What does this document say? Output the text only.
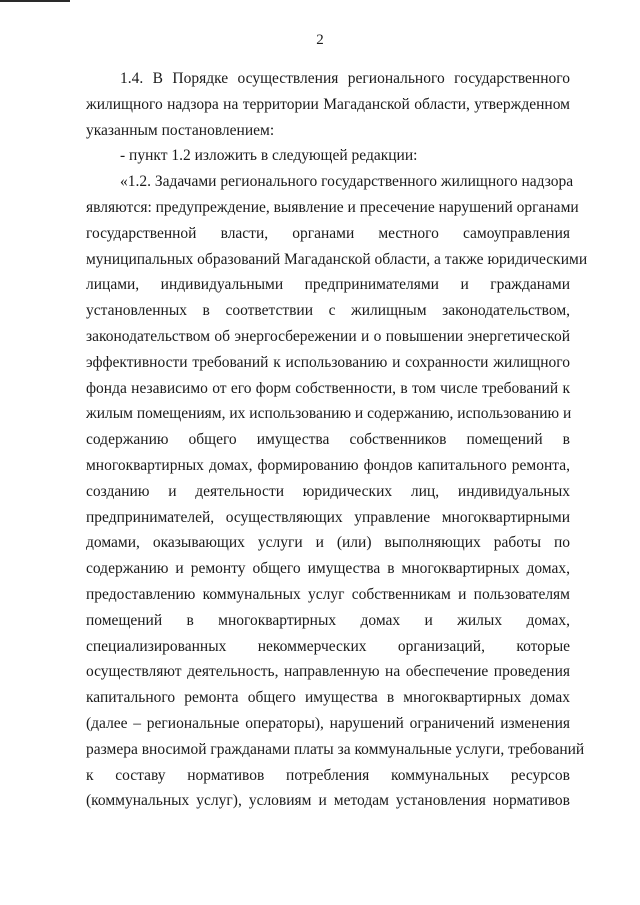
2
1.4. В Порядке осуществления регионального государственного
жилищного надзора на территории Магаданской области, утвержденном
указанным постановлением:
- пункт 1.2 изложить в следующей редакции:
«1.2. Задачами регионального государственного жилищного надзора
являются: предупреждение, выявление и пресечение нарушений органами
государственной власти, органами местного самоуправления
муниципальных образований Магаданской области, а также юридическими
лицами, индивидуальными предпринимателями и гражданами
установленных в соответствии с жилищным законодательством,
законодательством об энергосбережении и о повышении энергетической
эффективности требований к использованию и сохранности жилищного
фонда независимо от его форм собственности, в том числе требований к
жилым помещениям, их использованию и содержанию, использованию и
содержанию общего имущества собственников помещений в
многоквартирных домах, формированию фондов капитального ремонта,
созданию и деятельности юридических лиц, индивидуальных
предпринимателей, осуществляющих управление многоквартирными
домами, оказывающих услуги и (или) выполняющих работы по
содержанию и ремонту общего имущества в многоквартирных домах,
предоставлению коммунальных услуг собственникам и пользователям
помещений в многоквартирных домах и жилых домах,
специализированных некоммерческих организаций, которые
осуществляют деятельность, направленную на обеспечение проведения
капитального ремонта общего имущества в многоквартирных домах
(далее – региональные операторы), нарушений ограничений изменения
размера вносимой гражданами платы за коммунальные услуги, требований
к составу нормативов потребления коммунальных ресурсов
(коммунальных услуг), условиям и методам установления нормативов
